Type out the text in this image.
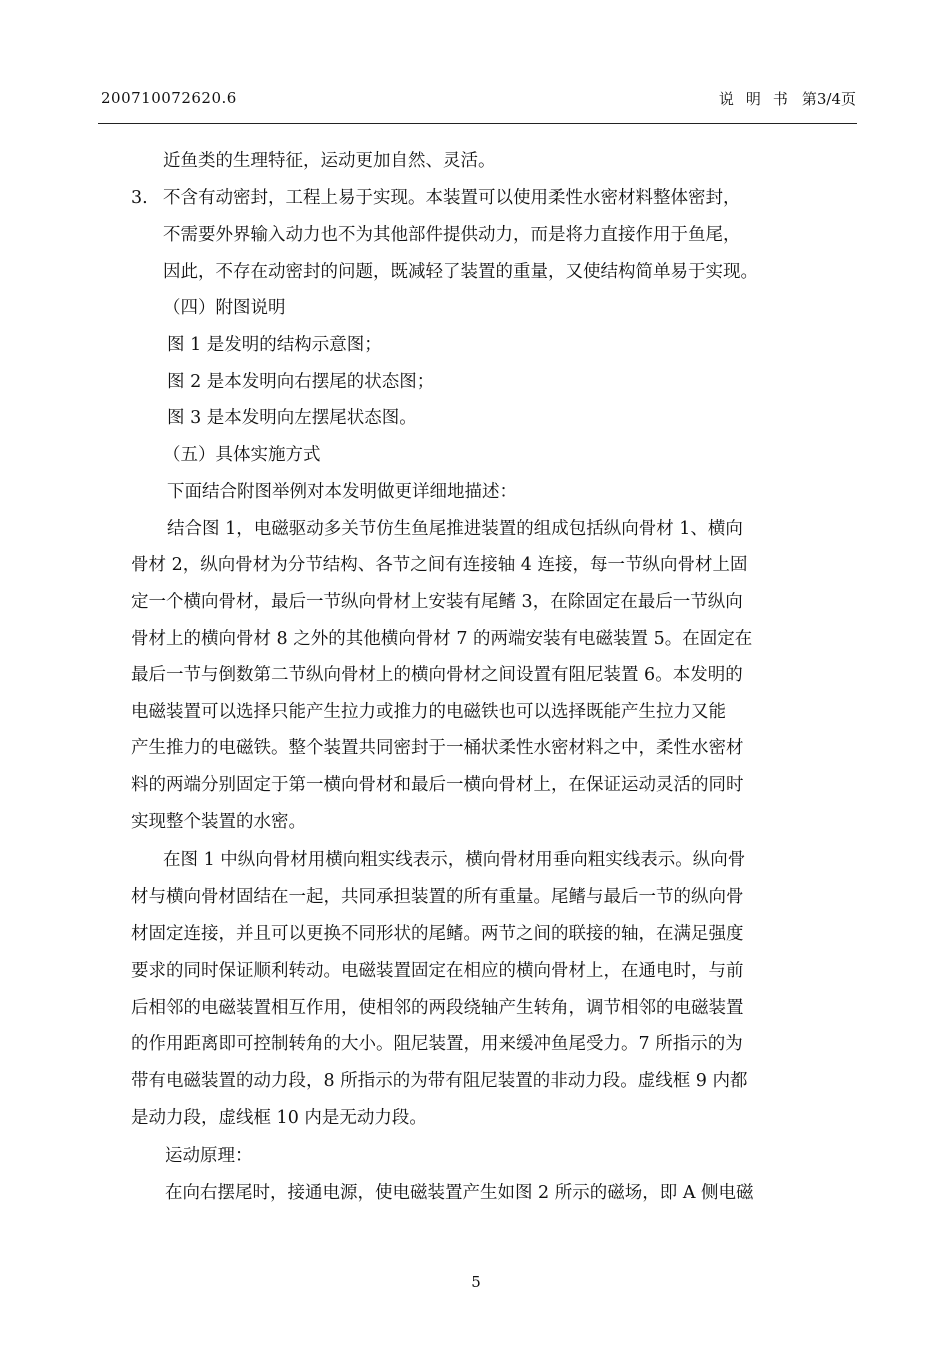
200710072620.6	说明书 第3/4页
3.
近鱼类的生理特征，运动更加自然、灵活。
不含有动密封，工程上易于实现。本装置可以使用柔性水密材料整体密封，
不需要外界输入动力也不为其他部件提供动力，而是将力直接作用于鱼尾，
因此，不存在动密封的问题，既减轻了装置的重量，又使结构简单易于实现。
（四）附图说明
图 1 是发明的结构示意图；
图 2 是本发明向右摆尾的状态图；
图 3 是本发明向左摆尾状态图。
（五）具体实施方式
下面结合附图举例对本发明做更详细地描述：
结合图 1，电磁驱动多关节仿生鱼尾推进装置的组成包括纵向骨材 1、横向
骨材 2，纵向骨材为分节结构、各节之间有连接轴 4 连接，每一节纵向骨材上固
定一个横向骨材，最后一节纵向骨材上安装有尾鳍 3，在除固定在最后一节纵向
骨材上的横向骨材 8 之外的其他横向骨材 7 的两端安装有电磁装置 5。在固定在
最后一节与倒数第二节纵向骨材上的横向骨材之间设置有阻尼装置 6。本发明的
电磁装置可以选择只能产生拉力或推力的电磁铁也可以选择既能产生拉力又能
产生推力的电磁铁。整个装置共同密封于一桶状柔性水密材料之中，柔性水密材
料的两端分别固定于第一横向骨材和最后一横向骨材上，在保证运动灵活的同时
实现整个装置的水密。
在图 1 中纵向骨材用横向粗实线表示，横向骨材用垂向粗实线表示。纵向骨
材与横向骨材固结在一起，共同承担装置的所有重量。尾鳍与最后一节的纵向骨
材固定连接，并且可以更换不同形状的尾鳍。两节之间的联接的轴，在满足强度
要求的同时保证顺利转动。电磁装置固定在相应的横向骨材上，在通电时，与前
后相邻的电磁装置相互作用，使相邻的两段绕轴产生转角，调节相邻的电磁装置
的作用距离即可控制转角的大小。阻尼装置，用来缓冲鱼尾受力。7 所指示的为
带有电磁装置的动力段，8 所指示的为带有阻尼装置的非动力段。虚线框 9 内都
是动力段，虚线框 10 内是无动力段。
运动原理：
在向右摆尾时，接通电源，使电磁装置产生如图 2 所示的磁场，即 A 侧电磁
5
